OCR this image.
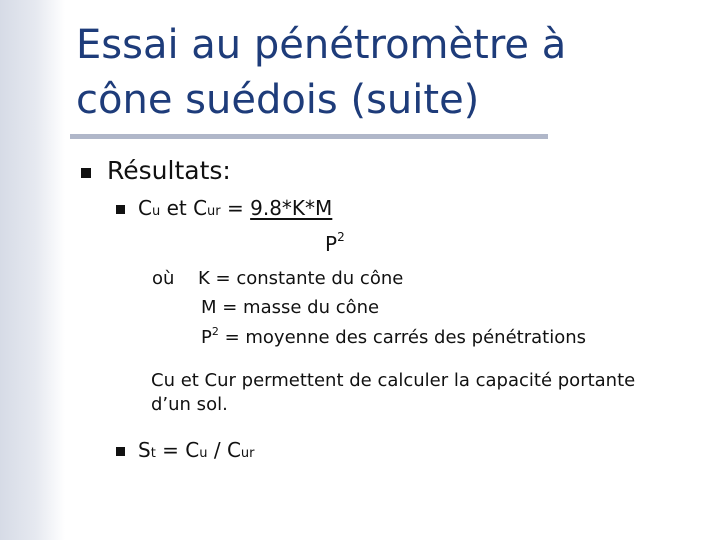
Essai au pénétromètre à
cône suédois (suite)
Résultats:
Cu et Cur = 9.8*K*M
$P^2$
où K = constante du cône
M = masse du cône
$P^2$ = moyenne des carrés des pénétrations
Cu et Cur permettent de calculer la capacité portante
d’un sol.
St = Cu / Cur
